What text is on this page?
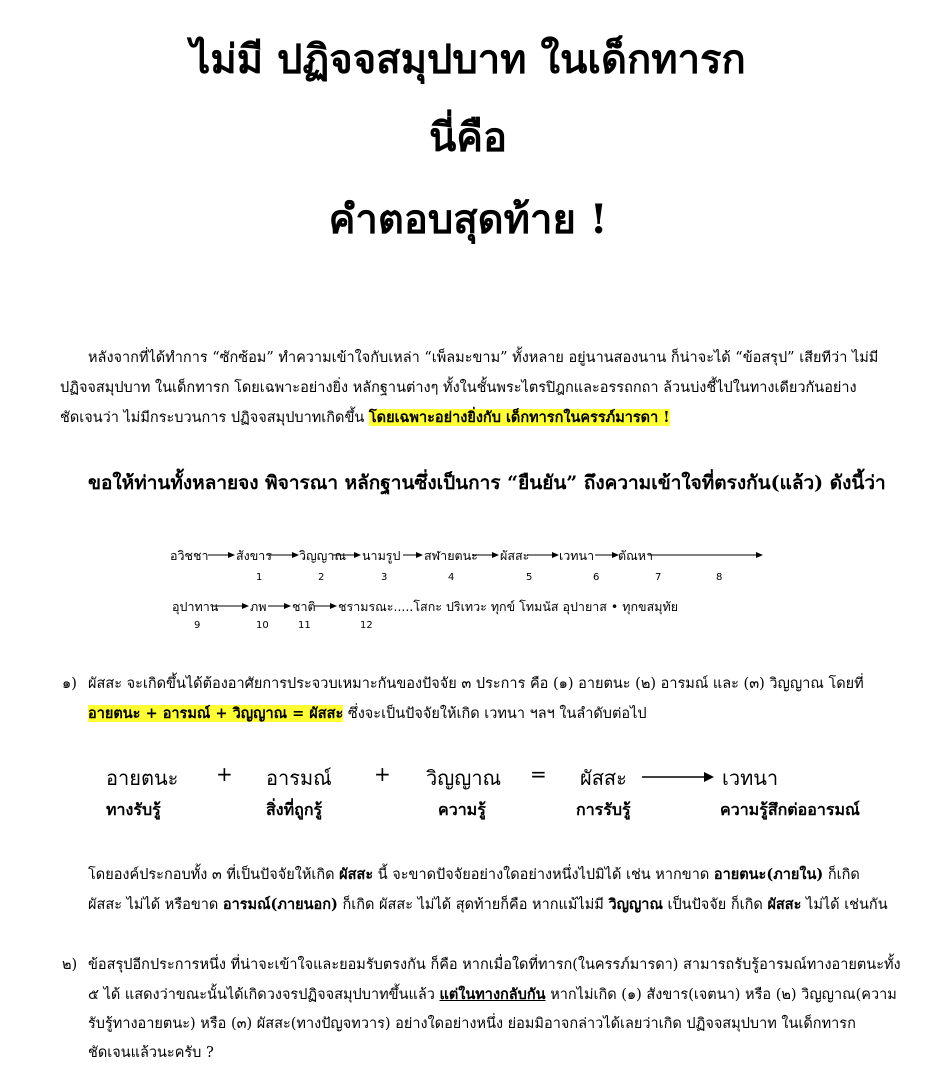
ไม่มี ปฏิจจสมุปบาท ในเด็กทารก
นี่คือ
คำตอบสุดท้าย !

หลังจากที่ได้ทำการ “ซักซ้อม” ทำความเข้าใจกับเหล่า “เพ็ลมะขาม” ทั้งหลาย อยู่นานสองนาน ก็น่าจะได้ “ข้อสรุป” เสียทีว่า ไม่มี ปฏิจจสมุปบาท ในเด็กทารก โดยเฉพาะอย่างยิ่ง หลักฐานต่างๆ ทั้งในชั้นพระไตรปิฎกและอรรถกถา ล้วนบ่งชี้ไปในทางเดียวกันอย่างชัดเจนว่า ไม่มีกระบวนการ ปฏิจจสมุปบาทเกิดขึ้น โดยเฉพาะอย่างยิ่งกับ เด็กทารกในครรภ์มารดา !

ขอให้ท่านทั้งหลายจง พิจารณา หลักฐานซึ่งเป็นการ “ยืนยัน” ถึงความเข้าใจที่ตรงกัน(แล้ว) ดังนี้ว่า
อวิชชา สังขาร วิญญาณ นามรูป สฬายตนะ ผัสสะ เวทนา ตัณหา
1	2	3	4	5	6	7	8
อุปาทาน	ภพ ชาติ ชรามรณะ.....โสกะ ปริเทวะ ทุกข์ โทมนัส อุปายาส • ทุกขสมุทัย
9	10	11	12
๑) ผัสสะ จะเกิดขึ้นได้ต้องอาศัยการประจวบเหมาะกันของปัจจัย ๓ ประการ คือ (๑) อายตนะ (๒) อารมณ์ และ (๓) วิญญาณ โดยที่
อายตนะ + อารมณ์ + วิญญาณ = ผัสสะ ซึ่งจะเป็นปัจจัยให้เกิด เวทนา ฯลฯ ในลำดับต่อไป
อายตนะ + อารมณ์ + วิญญาณ = ผัสสะ	เวทนา
ทางรับรู้	สิ่งที่ถูกรู้	ความรู้	การรับรู้	ความรู้สึกต่ออารมณ์

โดยองค์ประกอบทั้ง ๓ ที่เป็นปัจจัยให้เกิด ผัสสะ นี้ จะขาดปัจจัยอย่างใดอย่างหนึ่งไปมิได้ เช่น หากขาด อายตนะ(ภายใน) ก็เกิด ผัสสะ ไม่ได้ หรือขาด อารมณ์(ภายนอก) ก็เกิด ผัสสะ ไม่ได้ สุดท้ายก็คือ หากแม้ไม่มี วิญญาณ เป็นปัจจัย ก็เกิด ผัสสะ ไม่ได้ เช่นกัน

๒) ข้อสรุปอีกประการหนึ่ง ที่น่าจะเข้าใจและยอมรับตรงกัน ก็คือ หากเมื่อใดที่ทารก(ในครรภ์มารดา) สามารถรับรู้อารมณ์ทางอายตนะทั้ง ๕ ได้ แสดงว่าขณะนั้นได้เกิดวงจรปฏิจจสมุปบาทขึ้นแล้ว แต่ในทางกลับกัน หากไม่เกิด (๑) สังขาร(เจตนา) หรือ (๒) วิญญาณ(ความรับรู้ทางอายตนะ) หรือ (๓) ผัสสะ(ทางปัญจทวาร) อย่างใดอย่างหนึ่ง ย่อมมิอาจกล่าวได้เลยว่าเกิด ปฏิจจสมุปบาท ในเด็กทารก ชัดเจนแล้วนะครับ ?
